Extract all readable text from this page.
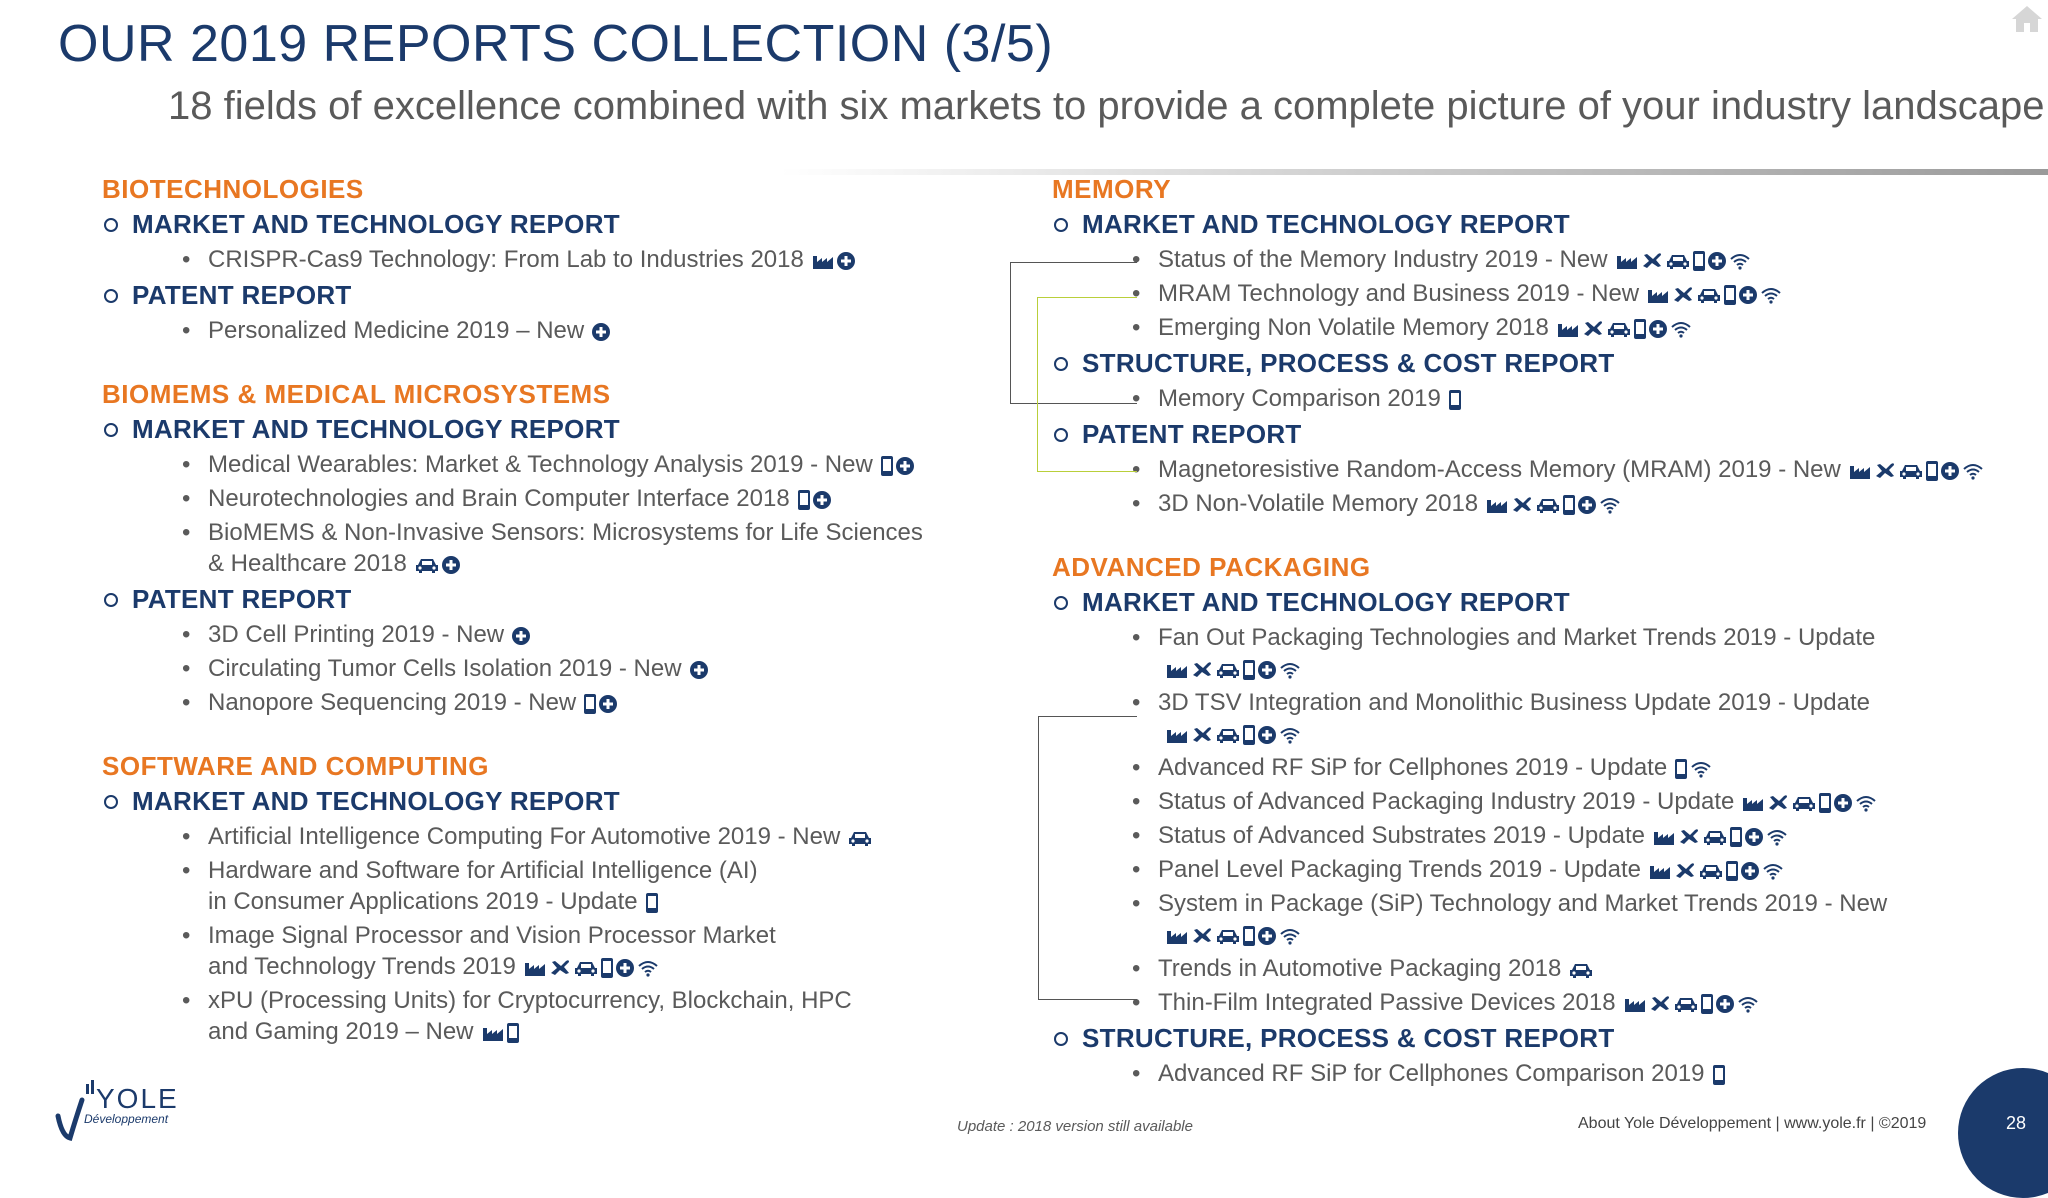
OUR 2019 REPORTS COLLECTION (3/5)
18 fields of excellence combined with six markets to provide a complete picture of your industry landscape
BIOTECHNOLOGIES
MARKET AND TECHNOLOGY REPORT
• CRISPR-Cas9 Technology: From Lab to Industries 2018
PATENT REPORT
• Personalized Medicine 2019 – New
BIOMEMS & MEDICAL MICROSYSTEMS
MARKET AND TECHNOLOGY REPORT
• Medical Wearables: Market & Technology Analysis 2019 - New
• Neurotechnologies and Brain Computer Interface 2018
• BioMEMS & Non-Invasive Sensors: Microsystems for Life Sciences
& Healthcare 2018
PATENT REPORT
• 3D Cell Printing 2019 - New
• Circulating Tumor Cells Isolation 2019 - New
• Nanopore Sequencing 2019 - New
SOFTWARE AND COMPUTING
MARKET AND TECHNOLOGY REPORT
• Artificial Intelligence Computing For Automotive 2019 - New
• Hardware and Software for Artificial Intelligence (AI)
in Consumer Applications 2019 - Update
• Image Signal Processor and Vision Processor Market
and Technology Trends 2019
• xPU (Processing Units) for Cryptocurrency, Blockchain, HPC
and Gaming 2019 – New
MEMORY
MARKET AND TECHNOLOGY REPORT
• Status of the Memory Industry 2019 - New
• MRAM Technology and Business 2019 - New
• Emerging Non Volatile Memory 2018
STRUCTURE, PROCESS & COST REPORT
• Memory Comparison 2019
PATENT REPORT
• Magnetoresistive Random-Access Memory (MRAM) 2019 - New
• 3D Non-Volatile Memory 2018
ADVANCED PACKAGING
MARKET AND TECHNOLOGY REPORT
• Fan Out Packaging Technologies and Market Trends 2019 - Update
• 3D TSV Integration and Monolithic Business Update 2019 - Update
• Advanced RF SiP for Cellphones 2019 - Update
• Status of Advanced Packaging Industry 2019 - Update
• Status of Advanced Substrates 2019 - Update
• Panel Level Packaging Trends 2019 - Update
• System in Package (SiP) Technology and Market Trends 2019 - New
• Trends in Automotive Packaging 2018
• Thin-Film Integrated Passive Devices 2018
STRUCTURE, PROCESS & COST REPORT
• Advanced RF SiP for Cellphones Comparison 2019
YOLE
Développement	Update : 2018 version still available	About Yole Développement | www.yole.fr | ©2019	28
